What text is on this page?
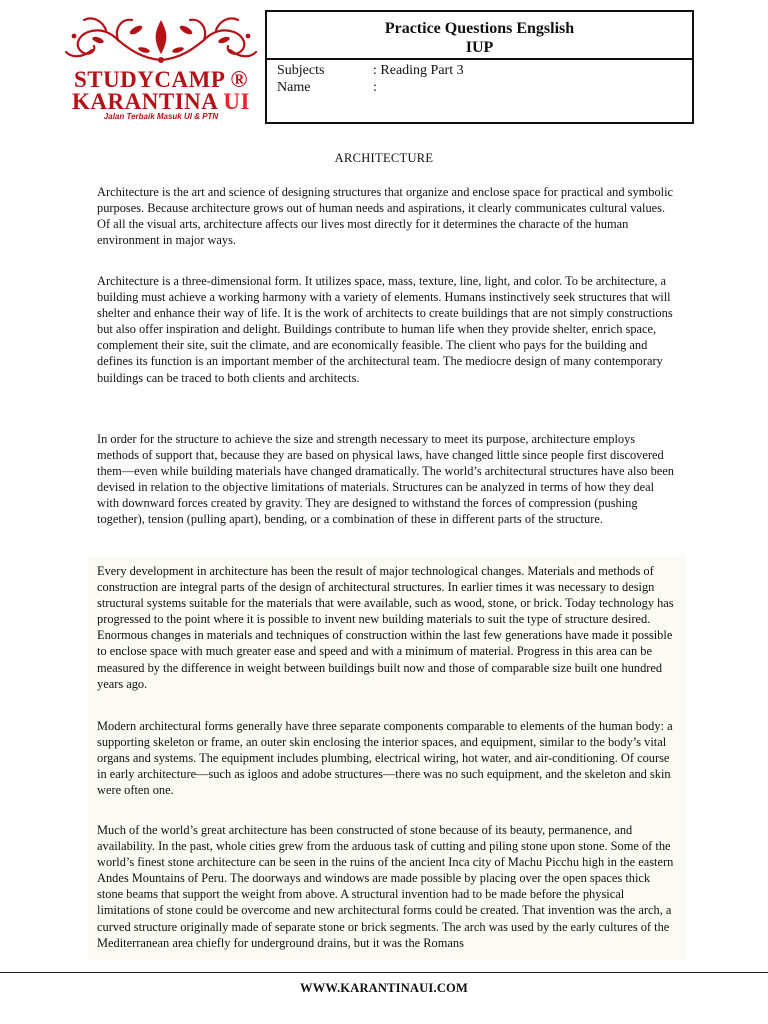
STUDYCAMP ®
KARANTINA UI
Jalan Terbaik Masuk UI & PTN
Practice Questions Engslish
IUP
Subjects	: Reading Part 3
Name	:
ARCHITECTURE

Architecture is the art and science of designing structures that organize and enclose space for practical and symbolic purposes. Because architecture grows out of human needs and aspirations, it clearly communicates cultural values. Of all the visual arts, architecture affects our lives most directly for it determines the characte of the human environment in major ways.

Architecture is a three-dimensional form. It utilizes space, mass, texture, line, light, and color. To be architecture, a building must achieve a working harmony with a variety of elements. Humans instinctively seek structures that will shelter and enhance their way of life. It is the work of architects to create buildings that are not simply constructions but also offer inspiration and delight. Buildings contribute to human life when they provide shelter, enrich space, complement their site, suit the climate, and are economically feasible. The client who pays for the building and defines its function is an important member of the architectural team. The mediocre design of many contemporary buildings can be traced to both clients and architects.

In order for the structure to achieve the size and strength necessary to meet its purpose, architecture employs methods of support that, because they are based on physical laws, have changed little since people first discovered them—even while building materials have changed dramatically. The world’s architectural structures have also been devised in relation to the objective limitations of materials. Structures can be analyzed in terms of how they deal with downward forces created by gravity. They are designed to withstand the forces of compression (pushing together), tension (pulling apart), bending, or a combination of these in different parts of the structure.

Every development in architecture has been the result of major technological changes. Materials and methods of construction are integral parts of the design of architectural structures. In earlier times it was necessary to design structural systems suitable for the materials that were available, such as wood, stone, or brick. Today technology has progressed to the point where it is possible to invent new building materials to suit the type of structure desired. Enormous changes in materials and techniques of construction within the last few generations have made it possible to enclose space with much greater ease and speed and with a minimum of material. Progress in this area can be measured by the difference in weight between buildings built now and those of comparable size built one hundred years ago.

Modern architectural forms generally have three separate components comparable to elements of the human body: a supporting skeleton or frame, an outer skin enclosing the interior spaces, and equipment, similar to the body’s vital organs and systems. The equipment includes plumbing, electrical wiring, hot water, and air-conditioning. Of course in early architecture—such as igloos and adobe structures—there was no such equipment, and the skeleton and skin were often one.

Much of the world’s great architecture has been constructed of stone because of its beauty, permanence, and availability. In the past, whole cities grew from the arduous task of cutting and piling stone upon stone. Some of the world’s finest stone architecture can be seen in the ruins of the ancient Inca city of Machu Picchu high in the eastern Andes Mountains of Peru. The doorways and windows are made possible by placing over the open spaces thick stone beams that support the weight from above. A structural invention had to be made before the physical limitations of stone could be overcome and new architectural forms could be created. That invention was the arch, a curved structure originally made of separate stone or brick segments. The arch was used by the early cultures of the Mediterranean area chiefly for underground drains, but it was the Romans

WWW.KARANTINAUI.COM
